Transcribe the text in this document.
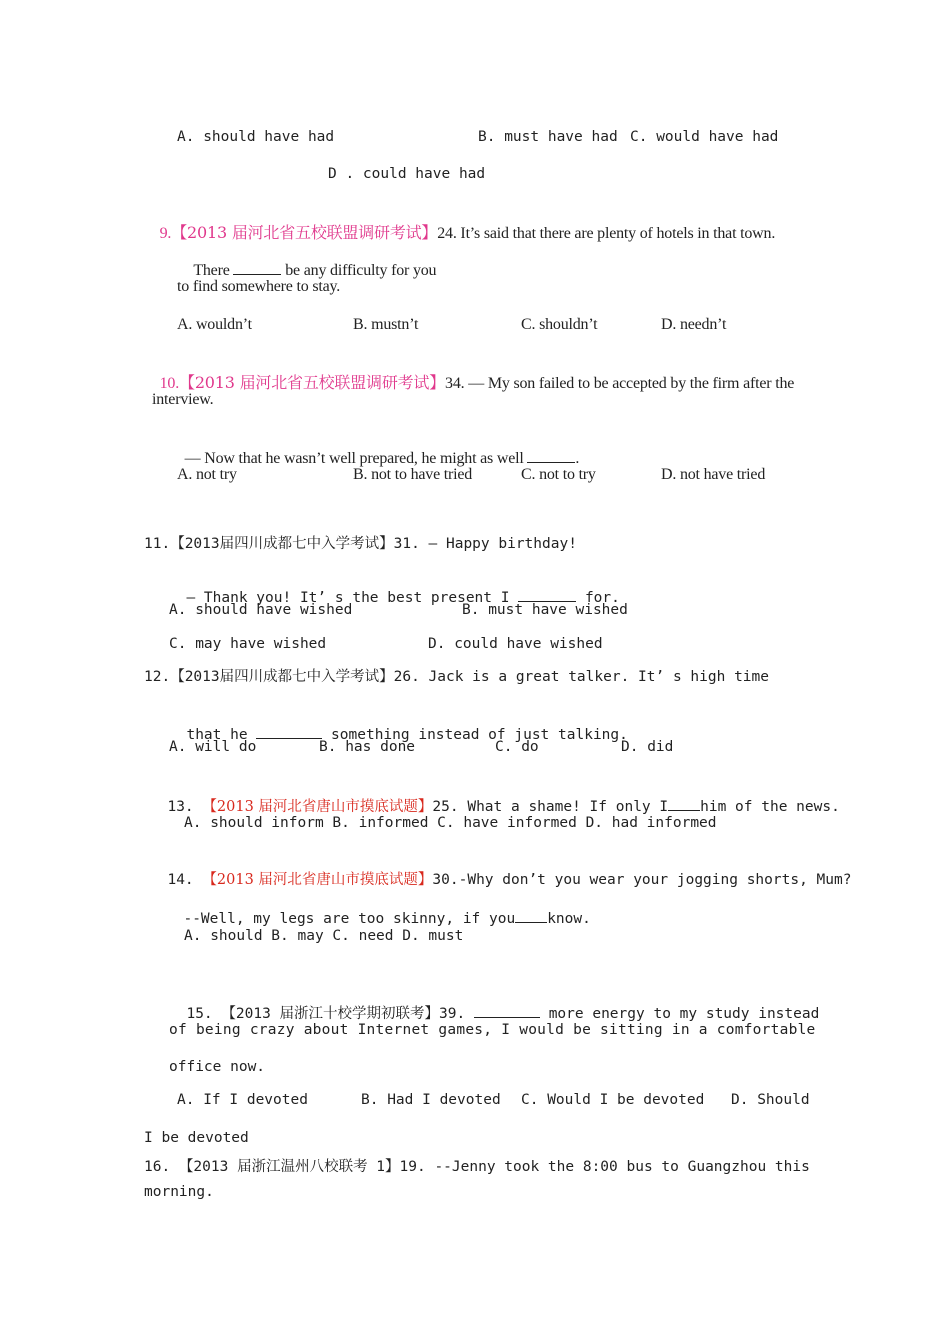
A. should have had	B. must have had C. would have had
D . could have had

9.【2013 届河北省五校联盟调研考试】24. It’s said that there are plenty of hotels in that town.

There	be any difficulty for you

to find somewhere to stay.
A. wouldn’t	B. mustn’t	C. shouldn’t	D. needn’t

10.【2013 届河北省五校联盟调研考试】34. — My son failed to be accepted by the firm after the

interview.

— Now that he wasn’t well prepared, he might as well	.

A. not try	B. not to have tried	C. not to try	D. not have tried
11.【2013届四川成都七中入学考试】31. — Happy birthday!

— Thank you! It’ s the best present I	for.

A. should have wished	B. must have wished
C. may have wished	D. could have wished
12.【2013届四川成都七中入学考试】26. Jack is a great talker. It’ s high time

that he	something instead of just talking.

A. will do	B. has done	C. do	D. did

13. 【2013 届河北省唐山市摸底试题】25. What a shame! If only I him of the news.

A. should inform B. informed C. have informed D. had informed

14. 【2013 届河北省唐山市摸底试题】30.-Why don’t you wear your jogging shorts, Mum?

--Well, my legs are too skinny, if you know.

A. should B. may C. need D. must

15. 【2013 届浙江十校学期初联考】39.	more energy to my study instead

of being crazy about Internet games, I would be sitting in a comfortable
office now.
A. If I devoted	B. Had I devoted C. Would I be devoted D. Should
I be devoted
16. 【2013 届浙江温州八校联考 1】19. --Jenny took the 8:00 bus to Guangzhou this
morning.
